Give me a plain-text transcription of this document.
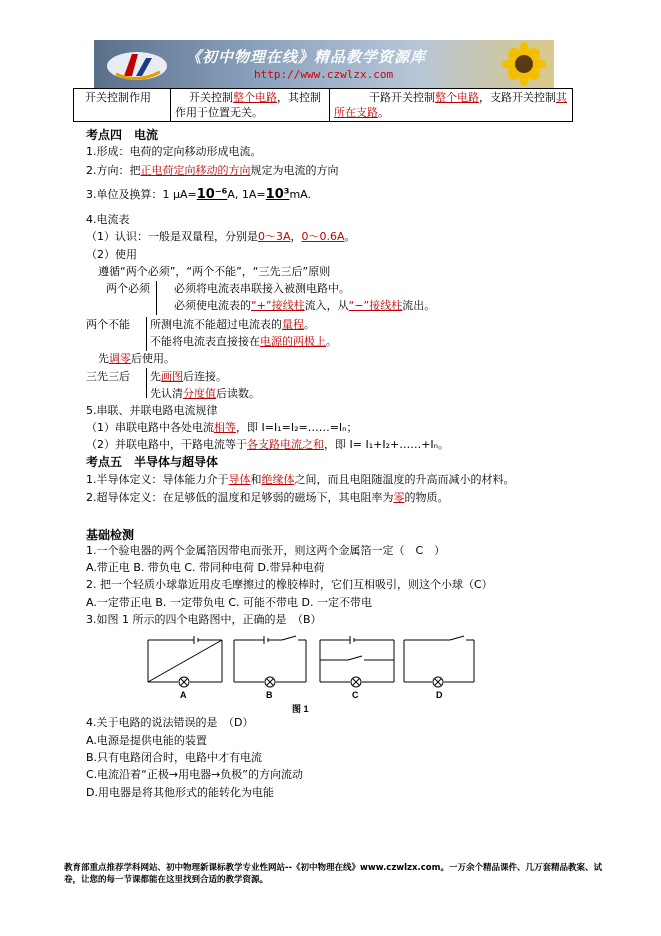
《初中物理在线》精品教学资源库
http://www.czwlzx.com
开关控制作用	开关控制整个电路，其控制作用于位置无关。	干路开关控制整个电路，支路开关控制其所在支路。
考点四　电流
1.形成：电荷的定向移动形成电流。
2.方向：把正电荷定向移动的方向规定为电流的方向
3.单位及换算：1 μA=10⁻⁶A, 1A=10³mA.
4.电流表
（1）认识：一般是双量程，分别是0～3A，0～0.6A。
（2）使用
遵循“两个必须”，“两个不能”，“三先三后”原则
两个必须 必须将电流表串联接入被测电路中。
必须使电流表的“+”接线柱流入，从“−”接线柱流出。
两个不能 所测电流不能超过电流表的量程。
不能将电流表直接接在电源的两极上。
先调零后使用。
三先三后 先画图后连接。
先认清分度值后读数。
5.串联、并联电路电流规律
（1）串联电路中各处电流相等，即 I=I₁=I₂=……=Iₙ；
（2）并联电路中，干路电流等于各支路电流之和，即 I= I₁+I₂+……+Iₙ。
考点五　半导体与超导体
1.半导体定义：导体能力介于导体和绝缘体之间，而且电阻随温度的升高而减小的材料。
2.超导体定义：在足够低的温度和足够弱的磁场下，其电阻率为零的物质。
基础检测
1.一个验电器的两个金属箔因带电而张开，则这两个金属箔一定（　C　）
A.带正电 B. 带负电 C. 带同种电荷 D.带异种电荷
2. 把一个轻质小球靠近用皮毛摩擦过的橡胶棒时，它们互相吸引，则这个小球（C）
A.一定带正电 B. 一定带负电 C. 可能不带电 D. 一定不带电
3.如图 1 所示的四个电路图中，正确的是　（B）
A	B	C	D
图 1
4.关于电路的说法错误的是　（D）
A.电源是提供电能的装置
B.只有电路闭合时，电路中才有电流
C.电流沿着“正极→用电器→负极”的方向流动
D.用电器是将其他形式的能转化为电能
教育部重点推荐学科网站、初中物理新课标教学专业性网站--《初中物理在线》www.czwlzx.com。一万余个精品课件、几万套精品教案、试卷，让您的每一节课都能在这里找到合适的教学资源。
